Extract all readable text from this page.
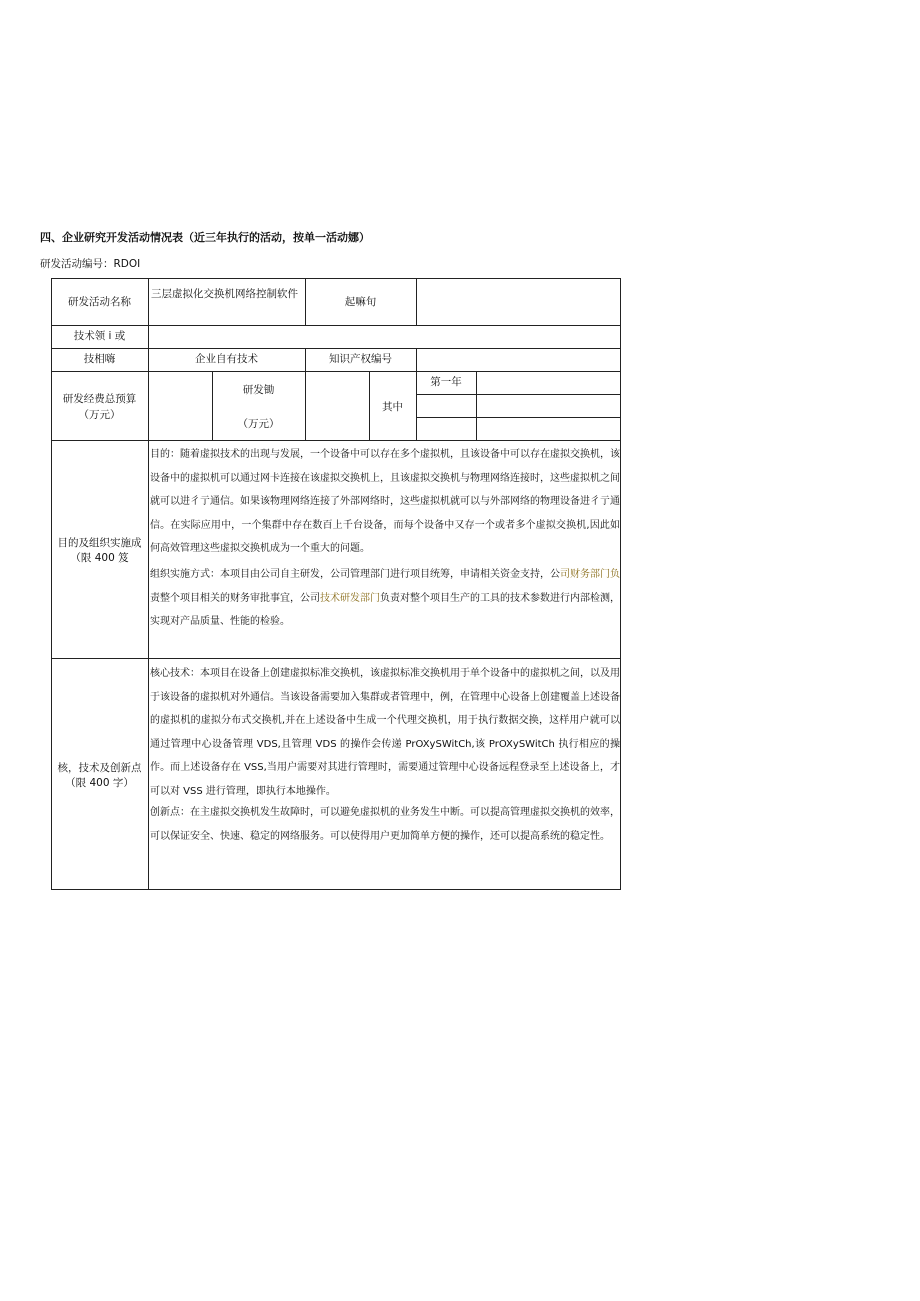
四、企业研究开发活动情况表（近三年执行的活动，按单一活动娜）
研发活动编号：RDOI
研发活动名称
三层虚拟化交换机网络控制软件
起嘛旬
技术领 i 或
技相嗨	企业自有技术	知识产权编号
研发经费总预算
（万元）
研发锄
（万元）
其中
第一年
目的及组织实施成
（限 400 笈
目的：随着虚拟技术的出现与发展，一个设备中可以存在多个虚拟机，且该设备中可以存在虚拟交换机，该设备中的虚拟机可以通过网卡连接在该虚拟交换机上，且该虚拟交换机与物理网络连接时，这些虚拟机之间就可以进彳亍通信。如果该物理网络连接了外部网络时，这些虚拟机就可以与外部网络的物理设备进彳亍通信。在实际应用中，一个集群中存在数百上千台设备，而每个设备中又存一个或者多个虚拟交换机,因此如何高效管理这些虚拟交换机成为一个重大的问题。
组织实施方式：本项目由公司自主研发，公司管理部门进行项目统筹，申请相关资金支持，公司财务部门负责整个项目相关的财务审批事宜，公司技术研发部门负责对整个项目生产的工具的技术参数进行内部检测，实现对产品质量、性能的检验。
核，技术及创新点
（限 400 字）
核心技术：本项目在设备上创建虚拟标准交换机，该虚拟标准交换机用于单个设备中的虚拟机之间，以及用于该设备的虚拟机对外通信。当该设备需要加入集群或者管理中，例，在管理中心设备上创建覆盖上述设备的虚拟机的虚拟分布式交换机,并在上述设备中生成一个代理交换机，用于执行数据交换，这样用户就可以通过管理中心设备管理 VDS,且管理 VDS 的操作会传递 PrOXySWitCh,该 PrOXySWitCh 执行相应的操作。而上述设备存在 VSS,当用户需要对其进行管理时，需要通过管理中心设备远程登录至上述设备上，才可以对 VSS 进行管理，即执行本地操作。
创新点：在主虚拟交换机发生故障时，可以避免虚拟机的业务发生中断。可以提高管理虚拟交换机的效率，可以保证安全、快速、稳定的网络服务。可以使得用户更加简单方便的操作，还可以提高系统的稳定性。
